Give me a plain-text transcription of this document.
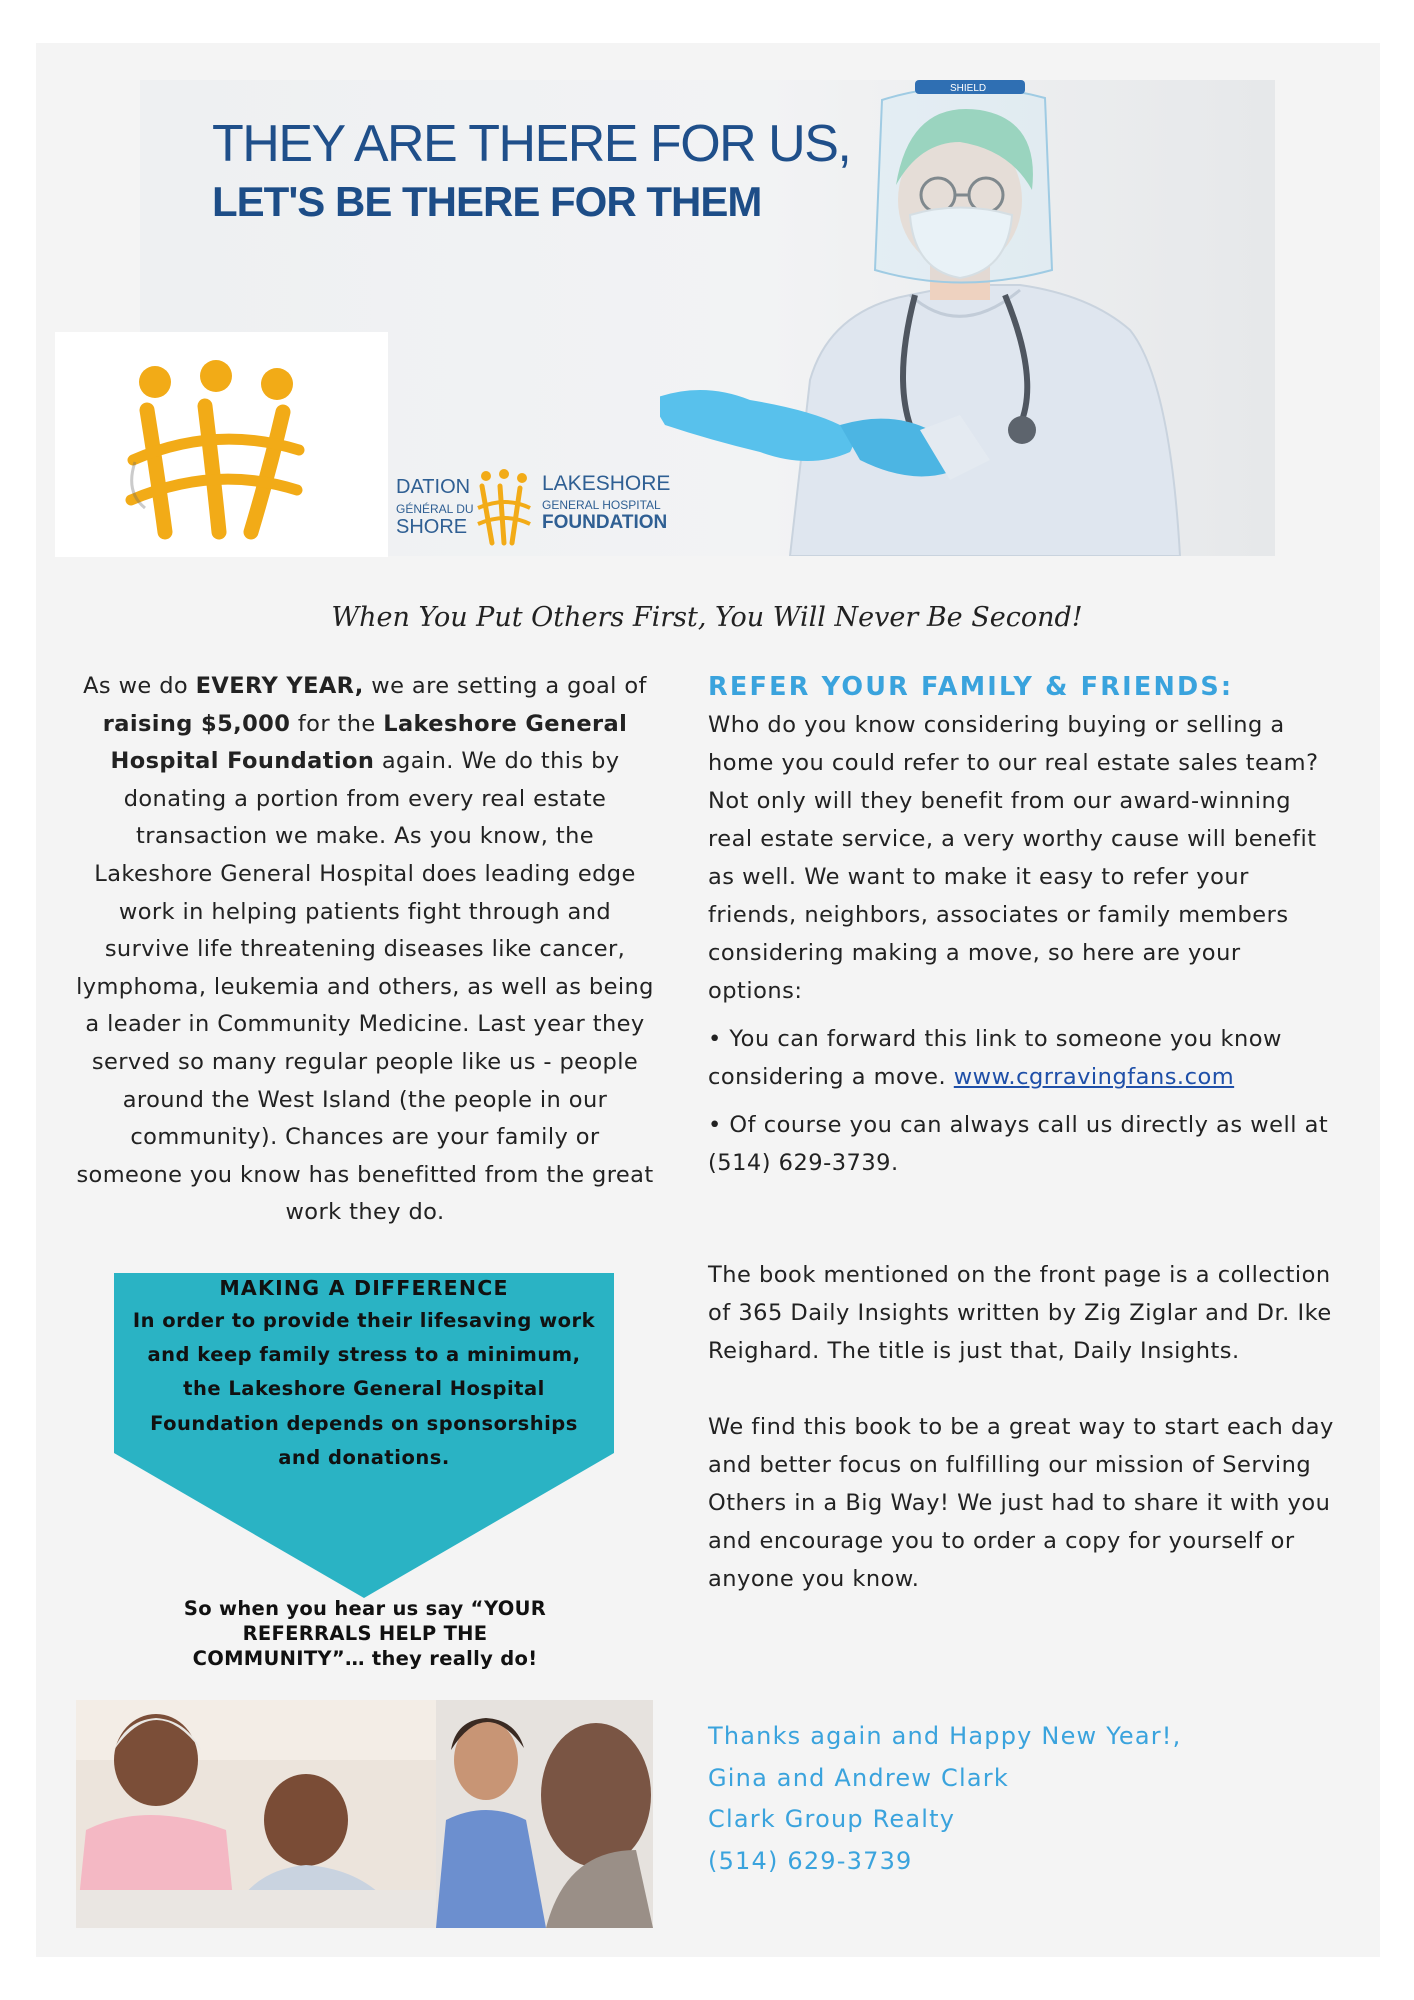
THEY ARE THERE FOR US,
LET'S BE THERE FOR THEM
SHIELD
DATION
GÉNÉRAL DU
SHORE
LAKESHORE
GENERAL HOSPITAL
FOUNDATION
When You Put Others First, You Will Never Be Second!
As we do EVERY YEAR, we are setting a goal of raising $5,000 for the Lakeshore General Hospital Foundation again. We do this by donating a portion from every real estate transaction we make. As you know, the Lakeshore General Hospital does leading edge work in helping patients fight through and survive life threatening diseases like cancer, lymphoma, leukemia and others, as well as being a leader in Community Medicine. Last year they served so many regular people like us - people around the West Island (the people in our community). Chances are your family or someone you know has benefitted from the great work they do.
MAKING A DIFFERENCE
In order to provide their lifesaving work and keep family stress to a minimum, the Lakeshore General Hospital Foundation depends on sponsorships and donations.
So when you hear us say “YOUR
REFERRALS HELP THE
COMMUNITY”… they really do!

REFER YOUR FAMILY & FRIENDS:

Who do you know considering buying or selling a home you could refer to our real estate sales team? Not only will they benefit from our award-winning real estate service, a very worthy cause will benefit as well. We want to make it easy to refer your friends, neighbors, associates or family members considering making a move, so here are your options:

• You can forward this link to someone you know considering a move. www.cgrravingfans.com

• Of course you can always call us directly as well at (514) 629-3739.

The book mentioned on the front page is a collection of 365 Daily Insights written by Zig Ziglar and Dr. Ike Reighard. The title is just that, Daily Insights.

We find this book to be a great way to start each day and better focus on fulfilling our mission of Serving Others in a Big Way! We just had to share it with you and encourage you to order a copy for yourself or anyone you know.

Thanks again and Happy New Year!,
Gina and Andrew Clark
Clark Group Realty
(514) 629-3739
